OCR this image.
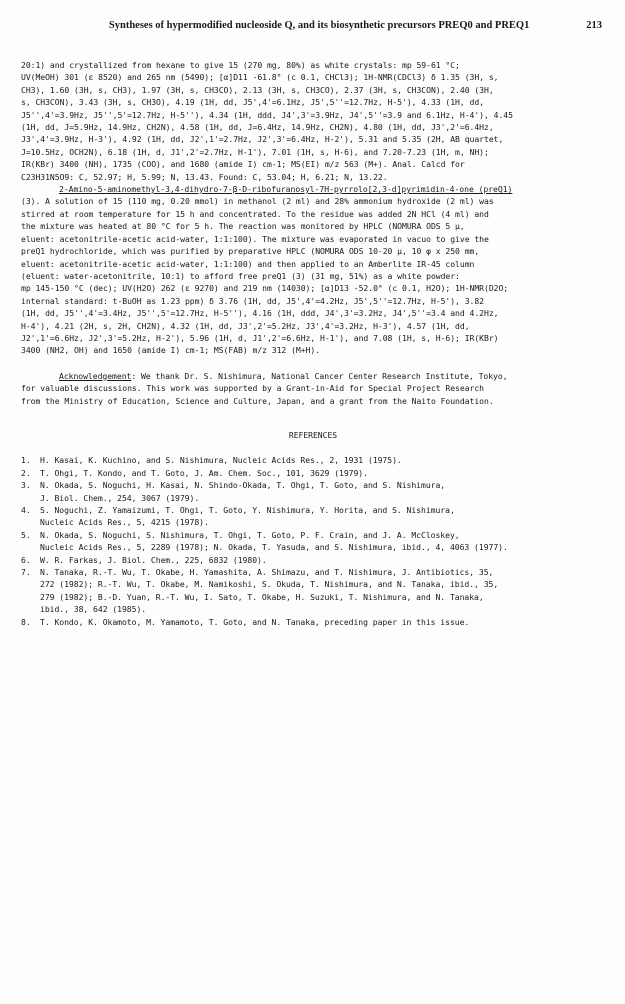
Syntheses of hypermodified nucleoside Q, and its biosynthetic precursors PREQ0 and PREQ1	213
20:1) and crystallized from hexane to give 15 (270 mg, 80%) as white crystals: mp 59-61 °C;
UV(MeOH) 301 (ε 8520) and 265 nm (5490); [α]D11 -61.8° (c 0.1, CHCl3); 1H-NMR(CDCl3) δ 1.35 (3H, s,
CH3), 1.60 (3H, s, CH3), 1.97 (3H, s, CH3CO), 2.13 (3H, s, CH3CO), 2.37 (3H, s, CH3CON), 2.40 (3H,
s, CH3CON), 3.43 (3H, s, CH3O), 4.19 (1H, dd, J5',4'=6.1Hz, J5',5''=12.7Hz, H-5'), 4.33 (1H, dd,
J5'',4'=3.9Hz, J5'',5'=12.7Hz, H-5''), 4.34 (1H, ddd, J4',3'=3.9Hz, J4',5''=3.9 and 6.1Hz, H-4'), 4.45
(1H, dd, J=5.9Hz, 14.9Hz, CH2N), 4.58 (1H, dd, J=6.4Hz, 14.9Hz, CH2N), 4.80 (1H, dd, J3',2'=6.4Hz,
J3',4'=3.9Hz, H-3'), 4.92 (1H, dd, J2',1'=2.7Hz, J2',3'=6.4Hz, H-2'), 5.31 and 5.35 (2H, AB quartet,
J=10.5Hz, OCH2N), 6.18 (1H, d, J1',2'=2.7Hz, H-1'), 7.01 (1H, s, H-6), and 7.20-7.23 (1H, m, NH);
IR(KBr) 3400 (NH), 1735 (COO), and 1680 (amide I) cm-1; MS(EI) m/z 563 (M+). Anal. Calcd for
C23H31N5O9: C, 52.97; H, 5.99; N, 13.43. Found: C, 53.04; H, 6.21; N, 13.22.
2-Amino-5-aminomethyl-3,4-dihydro-7-β-D-ribofuranosyl-7H-pyrrolo[2,3-d]pyrimidin-4-one (preQ1)
(3). A solution of 15 (110 mg, 0.20 mmol) in methanol (2 ml) and 28% ammonium hydroxide (2 ml) was
stirred at room temperature for 15 h and concentrated. To the residue was added 2N HCl (4 ml) and
the mixture was heated at 80 °C for 5 h. The reaction was monitored by HPLC (NOMURA ODS 5 μ,
eluent: acetonitrile-acetic acid-water, 1:1:100). The mixture was evaporated in vacuo to give the
preQ1 hydrochloride, which was purified by preparative HPLC (NOMURA ODS 10-20 μ, 10 φ x 250 mm,
eluent: acetonitrile-acetic acid-water, 1:1:100) and then applied to an Amberlite IR-45 column
(eluent: water-acetonitrile, 10:1) to afford free preQ1 (3) (31 mg, 51%) as a white powder:
mp 145-150 °C (dec); UV(H2O) 262 (ε 9270) and 219 nm (14030); [α]D13 -52.0° (c 0.1, H2O); 1H-NMR(D2O;
internal standard: t-BuOH as 1.23 ppm) δ 3.76 (1H, dd, J5',4'=4.2Hz, J5',5''=12.7Hz, H-5'), 3.82
(1H, dd, J5'',4'=3.4Hz, J5'',5'=12.7Hz, H-5''), 4.16 (1H, ddd, J4',3'=3.2Hz, J4',5''=3.4 and 4.2Hz,
H-4'), 4.21 (2H, s, 2H, CH2N), 4.32 (1H, dd, J3',2'=5.2Hz, J3',4'=3.2Hz, H-3'), 4.57 (1H, dd,
J2',1'=6.6Hz, J2',3'=5.2Hz, H-2'), 5.96 (1H, d, J1',2'=6.6Hz, H-1'), and 7.08 (1H, s, H-6); IR(KBr)
3400 (NH2, OH) and 1650 (amide I) cm-1; MS(FAB) m/z 312 (M+H).
Acknowledgement: We thank Dr. S. Nishimura, National Cancer Center Research Institute, Tokyo,
for valuable discussions. This work was supported by a Grant-in-Aid for Special Project Research
from the Ministry of Education, Science and Culture, Japan, and a grant from the Naito Foundation.
REFERENCES
1. H. Kasai, K. Kuchino, and S. Nishimura, Nucleic Acids Res., 2, 1931 (1975).
2. T. Ohgi, T. Kondo, and T. Goto, J. Am. Chem. Soc., 101, 3629 (1979).
3. N. Okada, S. Noguchi, H. Kasai, N. Shindo-Okada, T. Ohgi, T. Goto, and S. Nishimura,
J. Biol. Chem., 254, 3067 (1979).
4. S. Noguchi, Z. Yamaizumi, T. Ohgi, T. Goto, Y. Nishimura, Y. Horita, and S. Nishimura,
Nucleic Acids Res., 5, 4215 (1978).
5. N. Okada, S. Noguchi, S. Nishimura, T. Ohgi, T. Goto, P. F. Crain, and J. A. McCloskey,
Nucleic Acids Res., 5, 2289 (1978); N. Okada, T. Yasuda, and S. Nishimura, ibid., 4, 4063 (1977).
6. W. R. Farkas, J. Biol. Chem., 225, 6832 (1980).
7. N. Tanaka, R.-T. Wu, T. Okabe, H. Yamashita, A. Shimazu, and T. Nishimura, J. Antibiotics, 35,
272 (1982); R.-T. Wu, T. Okabe, M. Namikoshi, S. Okuda, T. Nishimura, and N. Tanaka, ibid., 35,
279 (1982); B.-D. Yuan, R.-T. Wu, I. Sato, T. Okabe, H. Suzuki, T. Nishimura, and N. Tanaka,
ibid., 38, 642 (1985).
8. T. Kondo, K. Okamoto, M. Yamamoto, T. Goto, and N. Tanaka, preceding paper in this issue.
